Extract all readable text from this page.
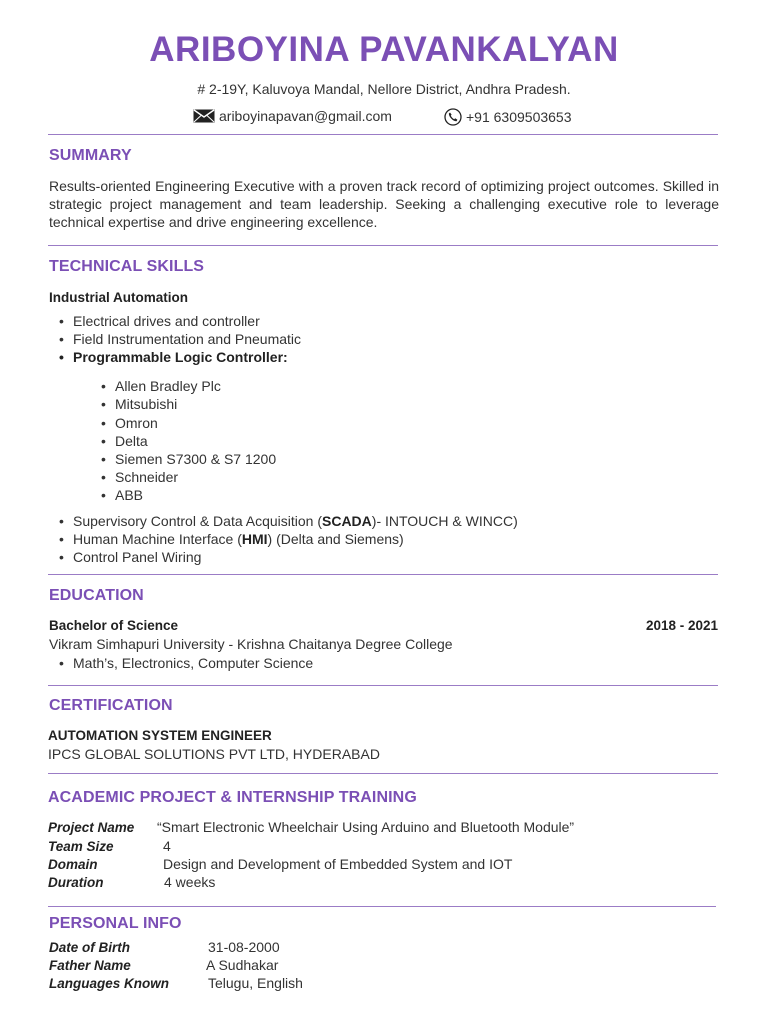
ARIBOYINA PAVANKALYAN
# 2-19Y, Kaluvoya Mandal, Nellore District, Andhra Pradesh.
ariboyinapavan@gmail.com	+91 6309503653
SUMMARY
Results-oriented Engineering Executive with a proven track record of optimizing project outcomes. Skilled in strategic project management and team leadership. Seeking a challenging executive role to leverage technical expertise and drive engineering excellence.
TECHNICAL SKILLS
Industrial Automation
• Electrical drives and controller
• Field Instrumentation and Pneumatic
• Programmable Logic Controller:
• Allen Bradley Plc
• Mitsubishi
• Omron
• Delta
• Siemen S7300 & S7 1200
• Schneider
• ABB
• Supervisory Control & Data Acquisition (SCADA)- INTOUCH & WINCC)
• Human Machine Interface (HMI) (Delta and Siemens)
• Control Panel Wiring
EDUCATION
Bachelor of Science	2018 - 2021
Vikram Simhapuri University - Krishna Chaitanya Degree College
• Math’s, Electronics, Computer Science
CERTIFICATION
AUTOMATION SYSTEM ENGINEER
IPCS GLOBAL SOLUTIONS PVT LTD, HYDERABAD
ACADEMIC PROJECT & INTERNSHIP TRAINING
Project Name “Smart Electronic Wheelchair Using Arduino and Bluetooth Module”
Team Size	4
Domain	Design and Development of Embedded System and IOT
Duration	4 weeks
PERSONAL INFO
Date of Birth	31-08-2000
Father Name	A Sudhakar
Languages Known	Telugu, English
